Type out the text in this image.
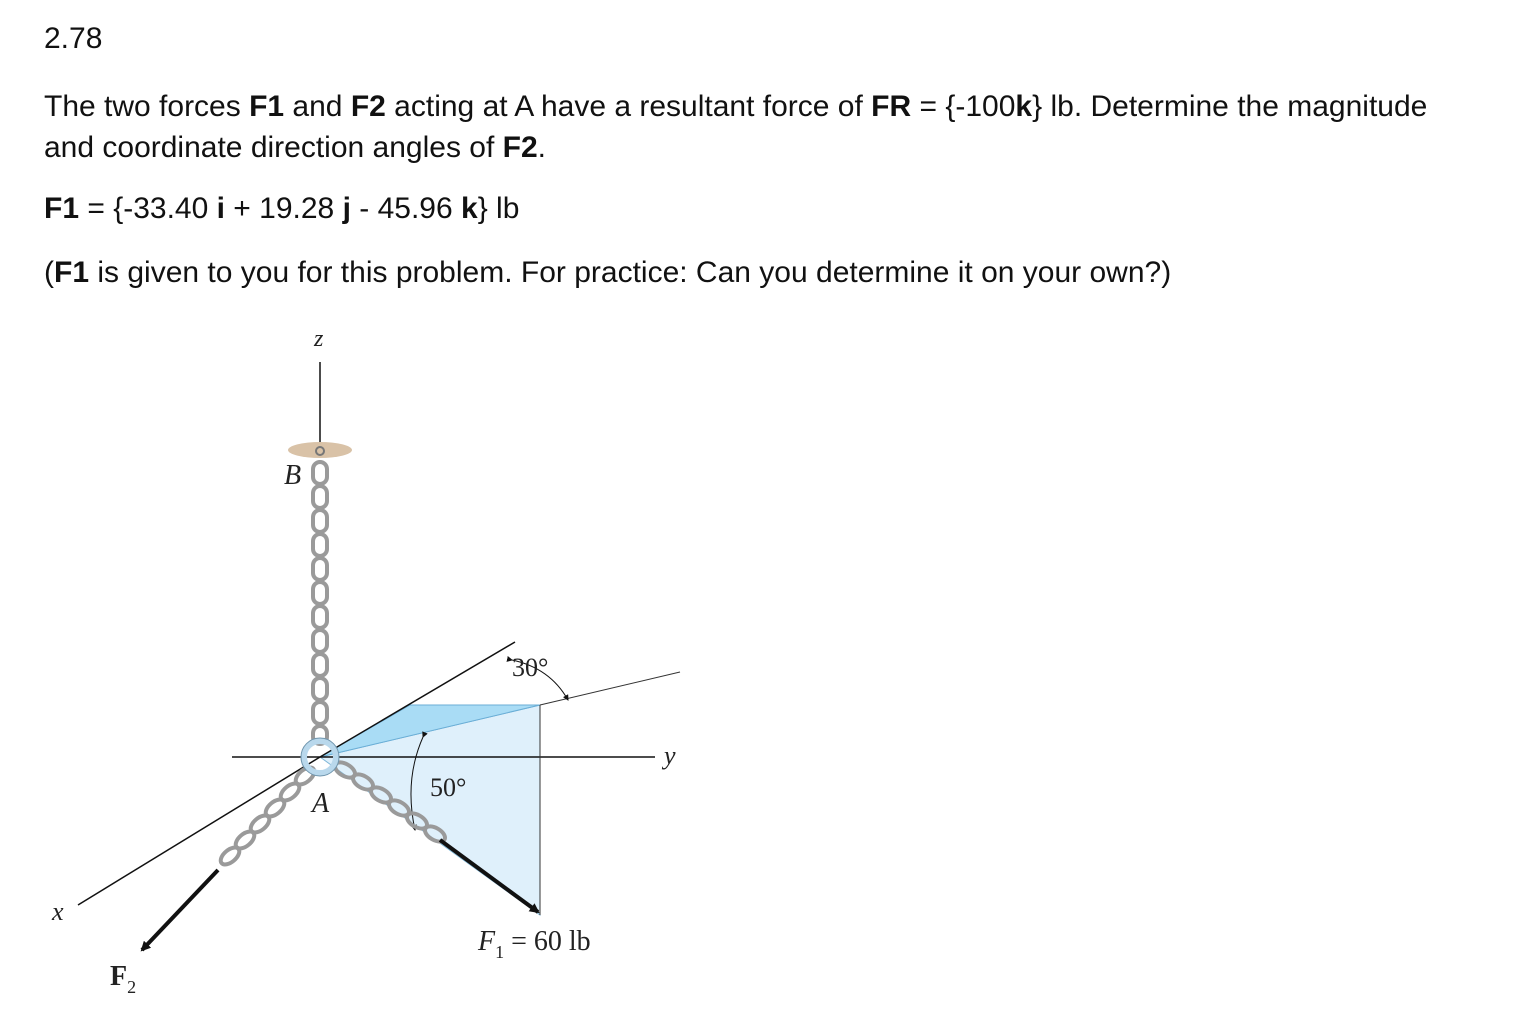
2.78
The two forces F1 and F2 acting at A have a resultant force of FR = {-100k} lb. Determine the magnitude and coordinate direction angles of F2.
F1 = {-33.40 i + 19.28 j - 45.96 k} lb
(F1 is given to you for this problem. For practice: Can you determine it on your own?)
z
y
x
B
A
30°
50°
$F_1 = 60$ lb
$F_2$
